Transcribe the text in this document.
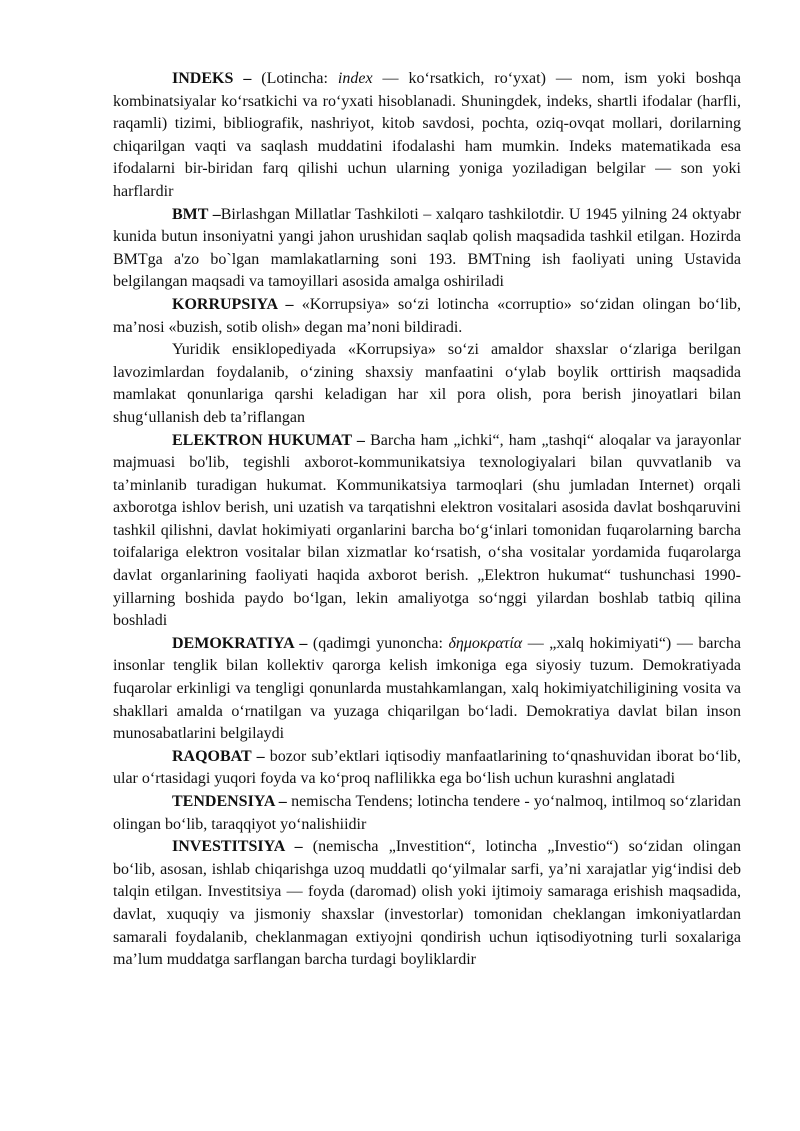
INDEKS – (Lotincha: index — ko‘rsatkich, ro‘yxat) — nom, ism yoki boshqa kombinatsiyalar ko‘rsatkichi va ro‘yxati hisoblanadi. Shuningdek, indeks, shartli ifodalar (harfli, raqamli) tizimi, bibliografik, nashriyot, kitob savdosi, pochta, oziq-ovqat mollari, dorilarning chiqarilgan vaqti va saqlash muddatini ifodalashi ham mumkin. Indeks matematikada esa ifodalarni bir-biridan farq qilishi uchun ularning yoniga yoziladigan belgilar — son yoki harflardir

BMT –Birlashgan Millatlar Tashkiloti – xalqaro tashkilotdir. U 1945 yilning 24 oktyabr kunida butun insoniyatni yangi jahon urushidan saqlab qolish maqsadida tashkil etilgan. Hozirda BMTga a'zo bo`lgan mamlakatlarning soni 193. BMTning ish faoliyati uning Ustavida belgilangan maqsadi va tamoyillari asosida amalga oshiriladi

KORRUPSIYA – «Korrupsiya» so‘zi lotincha «corruptio» so‘zidan olingan bo‘lib, ma’nosi «buzish, sotib olish» degan ma’noni bildiradi.

Yuridik ensiklopediyada «Korrupsiya» so‘zi amaldor shaxslar o‘zlariga berilgan lavozimlardan foydalanib, o‘zining shaxsiy manfaatini o‘ylab boylik orttirish maqsadida mamlakat qonunlariga qarshi keladigan har xil pora olish, pora berish jinoyatlari bilan shug‘ullanish deb ta’riflangan

ELEKTRON HUKUMAT – Barcha ham „ichki“, ham „tashqi“ aloqalar va jarayonlar majmuasi bo'lib, tegishli axborot-kommunikatsiya texnologiyalari bilan quvvatlanib va ta’minlanib turadigan hukumat. Kommunikatsiya tarmoqlari (shu jumladan Internet) orqali axborotga ishlov berish, uni uzatish va tarqatishni elektron vositalari asosida davlat boshqaruvini tashkil qilishni, davlat hokimiyati organlarini barcha bo‘g‘inlari tomonidan fuqarolarning barcha toifalariga elektron vositalar bilan xizmatlar ko‘rsatish, o‘sha vositalar yordamida fuqarolarga davlat organlarining faoliyati haqida axborot berish. „Elektron hukumat“ tushunchasi 1990-yillarning boshida paydo bo‘lgan, lekin amaliyotga so‘nggi yilardan boshlab tatbiq qilina boshladi

DEMOKRATIYA – (qadimgi yunoncha: δημοκρατία — „xalq hokimiyati“) — barcha insonlar tenglik bilan kollektiv qarorga kelish imkoniga ega siyosiy tuzum. Demokratiyada fuqarolar erkinligi va tengligi qonunlarda mustahkamlangan, xalq hokimiyatchiligining vosita va shakllari amalda o‘rnatilgan va yuzaga chiqarilgan bo‘ladi. Demokratiya davlat bilan inson munosabatlarini belgilaydi

RAQOBAT – bozor sub’ektlari iqtisodiy manfaatlarining to‘qnashuvidan iborat bo‘lib, ular o‘rtasidagi yuqori foyda va ko‘proq naflilikka ega bo‘lish uchun kurashni anglatadi

TENDENSIYA – nemischa Tendens; lotincha tendere - yo‘nalmoq, intilmoq so‘zlaridan olingan bo‘lib, taraqqiyot yo‘nalishiidir

INVESTITSIYA – (nemischa „Investition“, lotincha „Investio“) so‘zidan olingan bo‘lib, asosan, ishlab chiqarishga uzoq muddatli qo‘yilmalar sarfi, ya’ni xarajatlar yig‘indisi deb talqin etilgan. Investitsiya — foyda (daromad) olish yoki ijtimoiy samaraga erishish maqsadida, davlat, xuquqiy va jismoniy shaxslar (investorlar) tomonidan cheklangan imkoniyatlardan samarali foydalanib, cheklanmagan extiyojni qondirish uchun iqtisodiyotning turli soxalariga ma’lum muddatga sarflangan barcha turdagi boyliklardir
